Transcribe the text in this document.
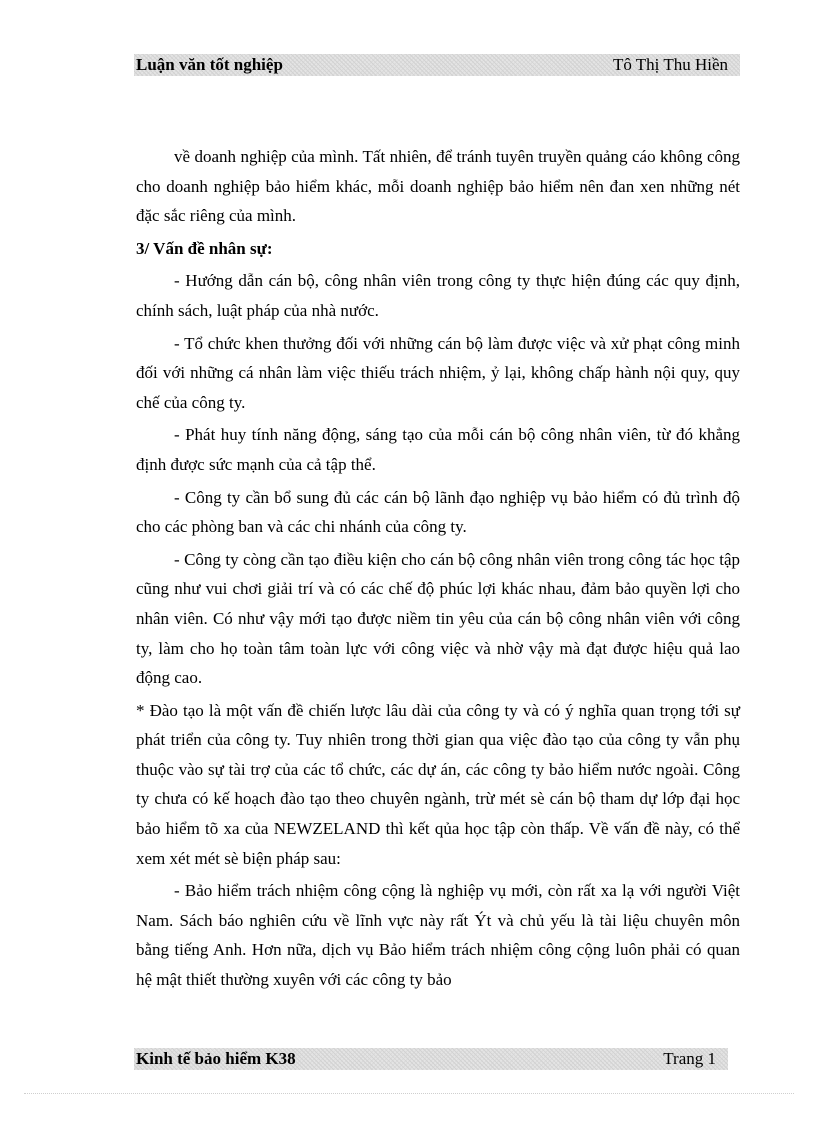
Luận văn tốt nghiệp	Tô Thị Thu Hiền

về doanh nghiệp của mình. Tất nhiên, để tránh tuyên truyền quảng cáo không công cho doanh nghiệp bảo hiểm khác, mỗi doanh nghiệp bảo hiểm nên đan xen những nét đặc sắc riêng của mình.

3/ Vấn đề nhân sự:

- Hướng dẫn cán bộ, công nhân viên trong công ty thực hiện đúng các quy định, chính sách, luật pháp của nhà nước.

- Tổ chức khen thưởng đối với những cán bộ làm được việc và xử phạt công minh đối với những cá nhân làm việc thiếu trách nhiệm, ỷ lại, không chấp hành nội quy, quy chế của công ty.

- Phát huy tính năng động, sáng tạo của mỗi cán bộ công nhân viên, từ đó khẳng định được sức mạnh của cả tập thể.

- Công ty cần bổ sung đủ các cán bộ lãnh đạo nghiệp vụ bảo hiểm có đủ trình độ cho các phòng ban và các chi nhánh của công ty.

- Công ty còng cần tạo điều kiện cho cán bộ công nhân viên trong công tác học tập cũng như vui chơi giải trí và có các chế độ phúc lợi khác nhau, đảm bảo quyền lợi cho nhân viên. Có như vậy mới tạo được niềm tin yêu của cán bộ công nhân viên với công ty, làm cho họ toàn tâm toàn lực với công việc và nhờ vậy mà đạt được hiệu quả lao động cao.

* Đào tạo là một vấn đề chiến lược lâu dài của công ty và có ý nghĩa quan trọng tới sự phát triển của công ty. Tuy nhiên trong thời gian qua việc đào tạo của công ty vẫn phụ thuộc vào sự tài trợ của các tổ chức, các dự án, các công ty bảo hiểm nước ngoài. Công ty chưa có kế hoạch đào tạo theo chuyên ngành, trừ mét sè cán bộ tham dự lớp đại học bảo hiểm tõ xa của NEWZELAND thì kết qủa học tập còn thấp. Về vấn đề này, có thể xem xét mét sè biện pháp sau:

- Bảo hiểm trách nhiệm công cộng là nghiệp vụ mới, còn rất xa lạ với người Việt Nam. Sách báo nghiên cứu về lĩnh vực này rất Ýt và chủ yếu là tài liệu chuyên môn bằng tiếng Anh. Hơn nữa, dịch vụ Bảo hiểm trách nhiệm công cộng luôn phải có quan hệ mật thiết thường xuyên với các công ty bảo

Kinh tế bảo hiểm K38	Trang 1
